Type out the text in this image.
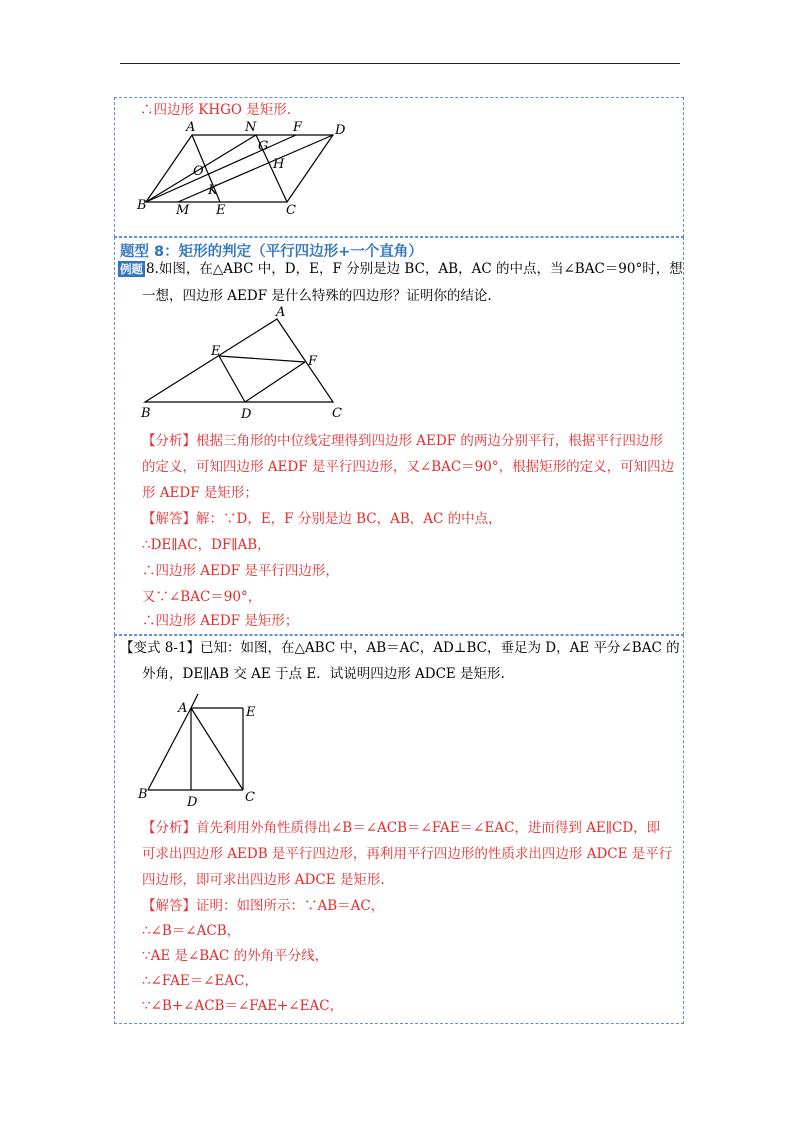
∴四边形 KHGO 是矩形.
A	N	F	D
G
O	H
K
B M E	C
题型 8：矩形的判定（平行四边形+一个直角）
例题 8.如图，在△ABC 中，D，E，F 分别是边 BC，AB，AC 的中点，当∠BAC＝90°时，想
一想，四边形 AEDF 是什么特殊的四边形？证明你的结论.
A
E
F
B	D	C
【分析】根据三角形的中位线定理得到四边形 AEDF 的两边分别平行，根据平行四边形
的定义，可知四边形 AEDF 是平行四边形，又∠BAC＝90°，根据矩形的定义，可知四边
形 AEDF 是矩形；
【解答】解：∵D，E，F 分别是边 BC，AB，AC 的中点，
∴DE∥AC，DF∥AB，
∴四边形 AEDF 是平行四边形，
又∵∠BAC＝90°，
∴四边形 AEDF 是矩形；
【变式 8-1】已知：如图，在△ABC 中，AB＝AC，AD⊥BC，垂足为 D，AE 平分∠BAC 的
外角，DE∥AB 交 AE 于点 E．试说明四边形 ADCE 是矩形.
A	E
B
D	C
【分析】首先利用外角性质得出∠B＝∠ACB＝∠FAE＝∠EAC，进而得到 AE∥CD，即
可求出四边形 AEDB 是平行四边形，再利用平行四边形的性质求出四边形 ADCE 是平行
四边形，即可求出四边形 ADCE 是矩形.
【解答】证明：如图所示：∵AB＝AC，
∴∠B＝∠ACB，
∵AE 是∠BAC 的外角平分线，
∴∠FAE＝∠EAC，
∵∠B+∠ACB＝∠FAE+∠EAC，
